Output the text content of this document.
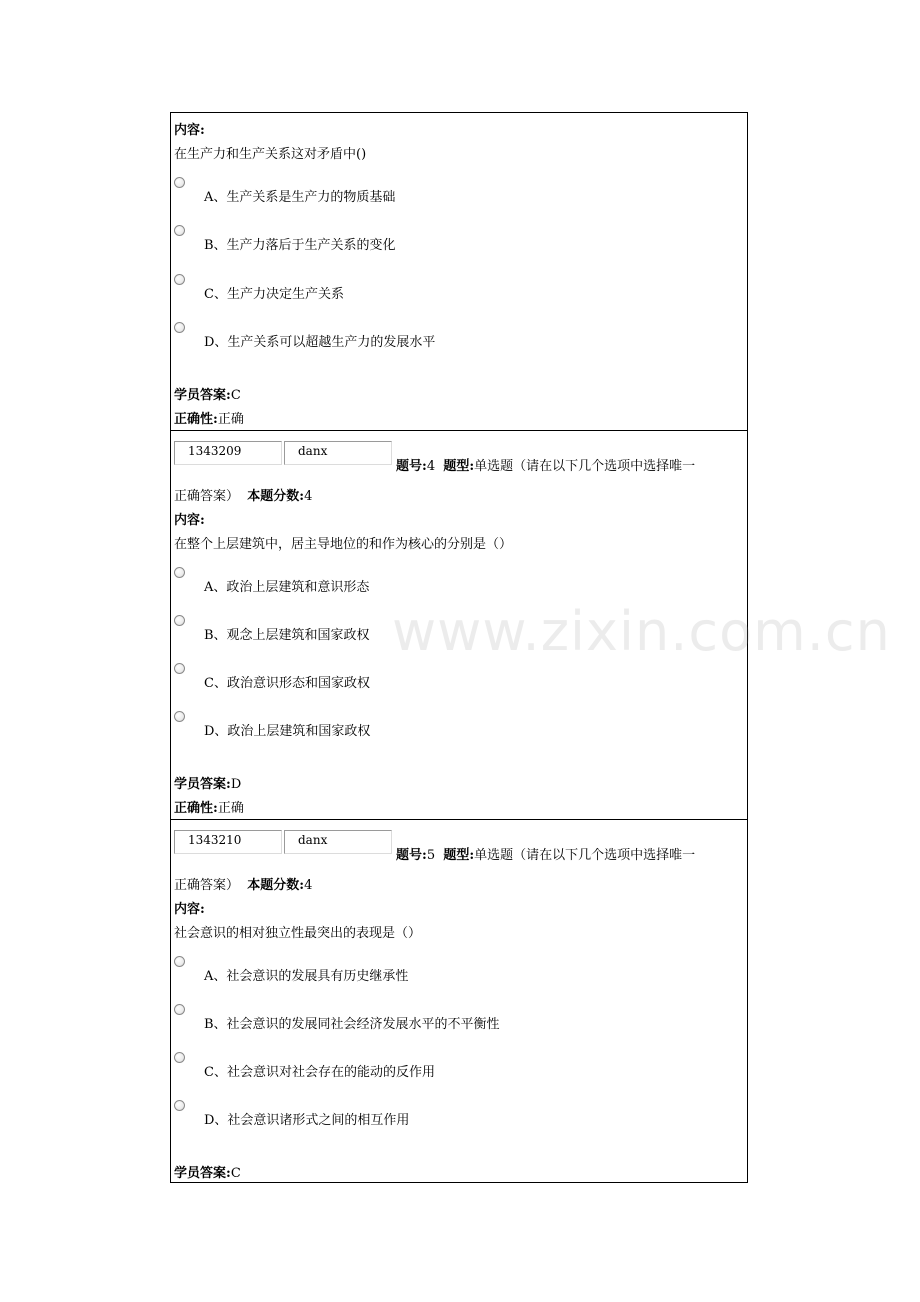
内容:
在生产力和生产关系这对矛盾中()
A、生产关系是生产力的物质基础
B、生产力落后于生产关系的变化
C、生产力决定生产关系
D、生产关系可以超越生产力的发展水平
学员答案:C
正确性:正确
1343209	danx
题号:4 题型:单选题（请在以下几个选项中选择唯一
正确答案） 本题分数:4
内容:
在整个上层建筑中，居主导地位的和作为核心的分别是（）
A、政治上层建筑和意识形态
B、观念上层建筑和国家政权
C、政治意识形态和国家政权
D、政治上层建筑和国家政权
学员答案:D
正确性:正确
1343210	danx
题号:5 题型:单选题（请在以下几个选项中选择唯一
正确答案） 本题分数:4
内容:
社会意识的相对独立性最突出的表现是（）
A、社会意识的发展具有历史继承性
B、社会意识的发展同社会经济发展水平的不平衡性
C、社会意识对社会存在的能动的反作用
D、社会意识诸形式之间的相互作用
学员答案:C
www.zixin.com.cn
